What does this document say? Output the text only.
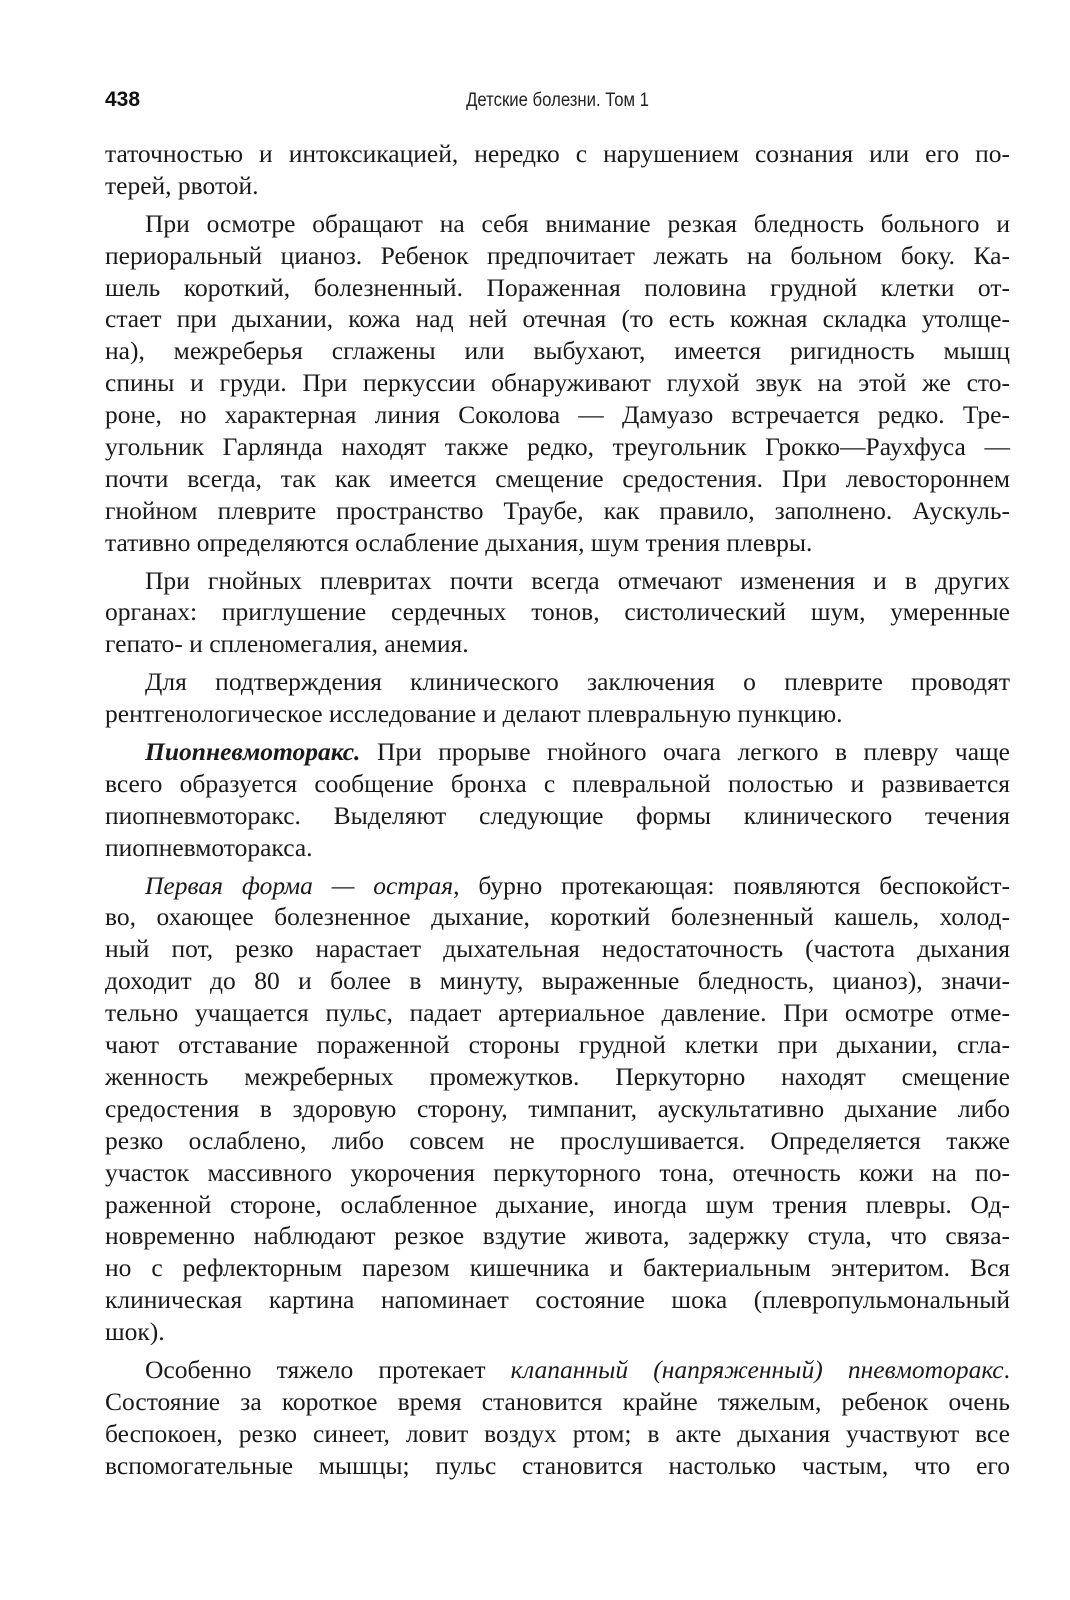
438	Детские болезни. Том 1
таточностью и интоксикацией, нередко с нарушением сознания или его по-
терей, рвотой.
При осмотре обращают на себя внимание резкая бледность больного и
периоральный цианоз. Ребенок предпочитает лежать на больном боку. Ка-
шель короткий, болезненный. Пораженная половина грудной клетки от-
стает при дыхании, кожа над ней отечная (то есть кожная складка утолще-
на), межреберья сглажены или выбухают, имеется ригидность мышц
спины и груди. При перкуссии обнаруживают глухой звук на этой же сто-
роне, но характерная линия Соколова — Дамуазо встречается редко. Тре-
угольник Гарлянда находят также редко, треугольник Грокко—Раухфуса —
почти всегда, так как имеется смещение средостения. При левостороннем
гнойном плеврите пространство Траубе, как правило, заполнено. Аускуль-
тативно определяются ослабление дыхания, шум трения плевры.
При гнойных плевритах почти всегда отмечают изменения и в других
органах: приглушение сердечных тонов, систолический шум, умеренные
гепато- и спленомегалия, анемия.
Для подтверждения клинического заключения о плеврите проводят
рентгенологическое исследование и делают плевральную пункцию.
Пиопневмоторакс. При прорыве гнойного очага легкого в плевру чаще
всего образуется сообщение бронха с плевральной полостью и развивается
пиопневмоторакс. Выделяют следующие формы клинического течения
пиопневмоторакса.
Первая форма — острая, бурно протекающая: появляются беспокойст-
во, охающее болезненное дыхание, короткий болезненный кашель, холод-
ный пот, резко нарастает дыхательная недостаточность (частота дыхания
доходит до 80 и более в минуту, выраженные бледность, цианоз), значи-
тельно учащается пульс, падает артериальное давление. При осмотре отме-
чают отставание пораженной стороны грудной клетки при дыхании, сгла-
женность межреберных промежутков. Перкуторно находят смещение
средостения в здоровую сторону, тимпанит, аускультативно дыхание либо
резко ослаблено, либо совсем не прослушивается. Определяется также
участок массивного укорочения перкуторного тона, отечность кожи на по-
раженной стороне, ослабленное дыхание, иногда шум трения плевры. Од-
новременно наблюдают резкое вздутие живота, задержку стула, что связа-
но с рефлекторным парезом кишечника и бактериальным энтеритом. Вся
клиническая картина напоминает состояние шока (плевропульмональный
шок).
Особенно тяжело протекает клапанный (напряженный) пневмоторакс.
Состояние за короткое время становится крайне тяжелым, ребенок очень
беспокоен, резко синеет, ловит воздух ртом; в акте дыхания участвуют все
вспомогательные мышцы; пульс становится настолько частым, что его
